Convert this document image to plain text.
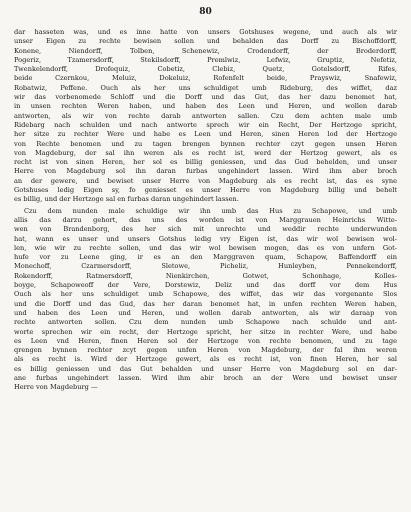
80
dar hasseten was, und es inne hatte von unsers Gotshuses wegene, und auch als wir
unser Eigen zu rechte bewisen sollen und behalden das Dorff zu Bischoffdorff,
Konene, Niendorff, Tolben, Schenewiz, Crodendorff, der Broderdorff,
Pogeriz, Tzamersdorff, Stekilsdorff, Premlwiz, Lefwiz, Gruptiz, Nefetiz,
Twenkelendorff, Drofequiz, Cobetiz, Clebiz, Quetz, Gotelsdorff, Rifes,
beide Czernkou, Meluiz, Dokeluiz, Rofenfelt beide, Prayswiz, Snafewiz,
Robatwiz, Peffene. Ouch als her uns schuldiget umb Rideburg, des wiffet, daz
wir das vorbenomede Schloff und die Dorff und das Gut, das her dazu benomet hat,
in unsen rechten Weren haben, und haben des Leen und Heren, und wollen darab
antworten, als wir von rechte darab antworten sallen. Czu dem achten male umb
Ridebarg nach schulden und nach antworte sprech wir ein Recht, Der Hertzoge spricht,
her sitze zu rechter Were und habe es Leen und Heren, sinen Heren lod der Hertzoge
von Rechte benomen und zu tagen brengen bynnen rechter czyt gegen unsen Heren
von Magdeburg, der sal ihn weren als es recht ist, werd der Hertzog gewert, als es
recht ist von sinen Heren, her sol es billig geniessen, und das Gud behelden, und unser
Herre von Magdeburg sol ihn daran furbas ungehindert lassen. Wird ihm aber broch
an der gewere, und bewiset unser Herre von Magdeburg als es recht ist, das es syne
Gotshuses ledig Eigen sy, fo geniesset es unser Herre von Magdeburg billig und behelt
es billig, und der Hertzoge sal en furbas daran ungehindert lassen.
Czu dem nunden male schuldige wir ihn umb das Hus zu Schapowe, und umb
allis das darzu gehort, das uns des worden ist von Marggrauen Heinrichs Witte-
wen von Brandenborg, des her sich mit unrechte und weddir rechte underwunden
hat, wann es unser und unsers Gotshus ledig vry Eigen ist, das wir wol bewisen wol-
len, wie wir zu rechte sollen, und das wir wol bewisen mogen, das es von unfern Got-
hufe vor zu Leene ging, ir es an den Marggraven quam, Schapow, Baffendorff ein
Monechoff, Czarmersdorff, Sletowe, Picheliz, Hunleyben, Pennekendorff,
Rokendorff, Ratmersdorff, Nienkirchen, Gotwet, Schonhage, Kolles-
boyge, Schapoweoff der Vere, Dorstewiz, Deliz und das dorff vor dem Hus
Ouch als her uns schuldiget umb Schapowe, des wiffet, das wir das vorgenante Slos
und die Dorff und das Gud, das her daran benomet hat, in unfen rechten Weren haben,
und haben des Leen und Heren, und wollen darab antworten, als wir daraap von
rechte antworten sollen. Czu dem nunden umb Schapowe nach schulde und ant-
worte sprechen wir ein recht, der Hertzoge spricht, her sitze in rechter Were, und habe
es Leen vnd Heren, finen Heren sol der Hertzoge von rechte benomen, und zu tage
qrengen bynnen rechter zcyt gegen unfen Heren von Magdeburg, der fal ihm weren
als es recht is. Wird der Hertzoge gewert, als es recht ist, von finen Heren, her sal
es billig geniessen und das Gut behalden und unser Herre von Magdeburg sol en dar-
ane furbas ungehindert lassen. Wird ihm abir broch an der Were und bewiset unser
Herre von Magdeburg —
